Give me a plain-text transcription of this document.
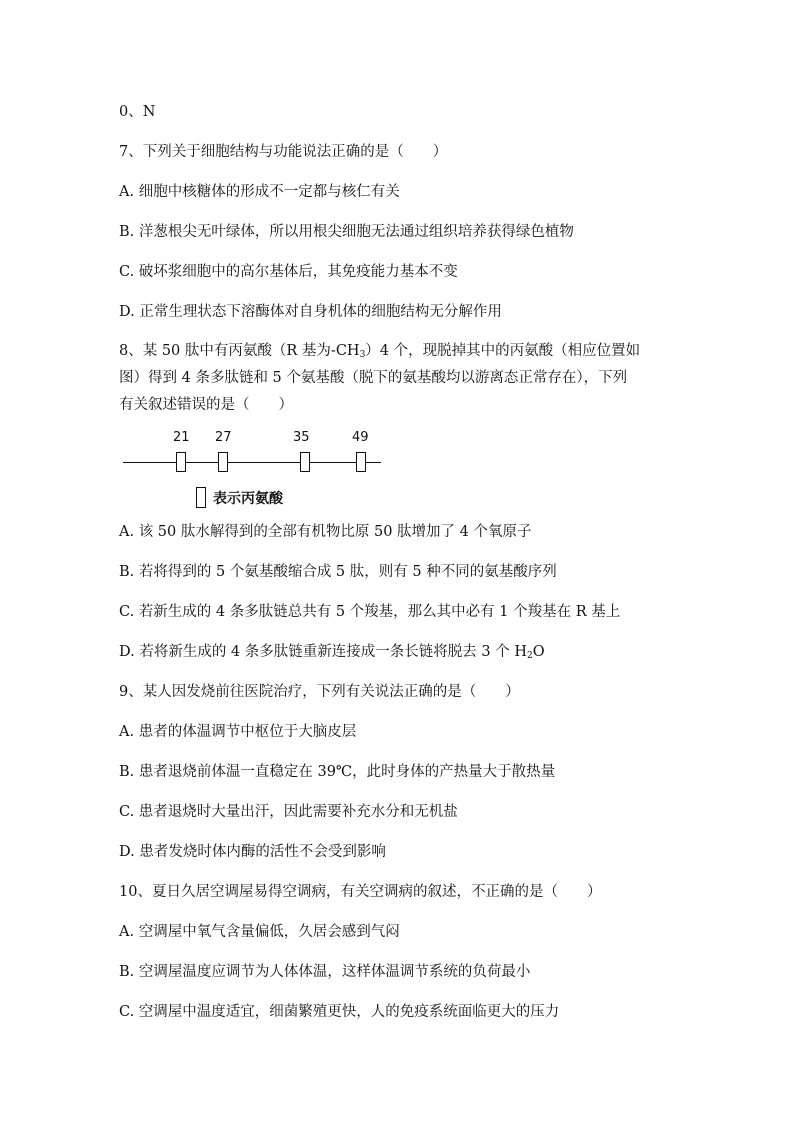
0、N
7、下列关于细胞结构与功能说法正确的是（　　）
A. 细胞中核糖体的形成不一定都与核仁有关
B. 洋葱根尖无叶绿体，所以用根尖细胞无法通过组织培养获得绿色植物
C. 破坏浆细胞中的高尔基体后，其免疫能力基本不变
D. 正常生理状态下溶酶体对自身机体的细胞结构无分解作用
8、某 50 肽中有丙氨酸（R 基为$-CH_3)4$ 个，现脱掉其中的丙氨酸（相应位置如
图）得到 4 条多肽链和 5 个氨基酸（脱下的氨基酸均以游离态正常存在），下列
有关叙述错误的是（　　）
21 27	35	49
表示丙氨酸
A. 该 50 肽水解得到的全部有机物比原 50 肽增加了 4 个氧原子
B. 若将得到的 5 个氨基酸缩合成 5 肽，则有 5 种不同的氨基酸序列
C. 若新生成的 4 条多肽链总共有 5 个羧基，那么其中必有 1 个羧基在 R 基上
D. 若将新生成的 4 条多肽链重新连接成一条长链将脱去 3 个 $H_2O$
9、某人因发烧前往医院治疗，下列有关说法正确的是（　　）
A. 患者的体温调节中枢位于大脑皮层
B. 患者退烧前体温一直稳定在 39℃，此时身体的产热量大于散热量
C. 患者退烧时大量出汗，因此需要补充水分和无机盐
D. 患者发烧时体内酶的活性不会受到影响
10、夏日久居空调屋易得空调病，有关空调病的叙述，不正确的是（　　）
A. 空调屋中氧气含量偏低，久居会感到气闷
B. 空调屋温度应调节为人体体温，这样体温调节系统的负荷最小
C. 空调屋中温度适宜，细菌繁殖更快，人的免疫系统面临更大的压力
